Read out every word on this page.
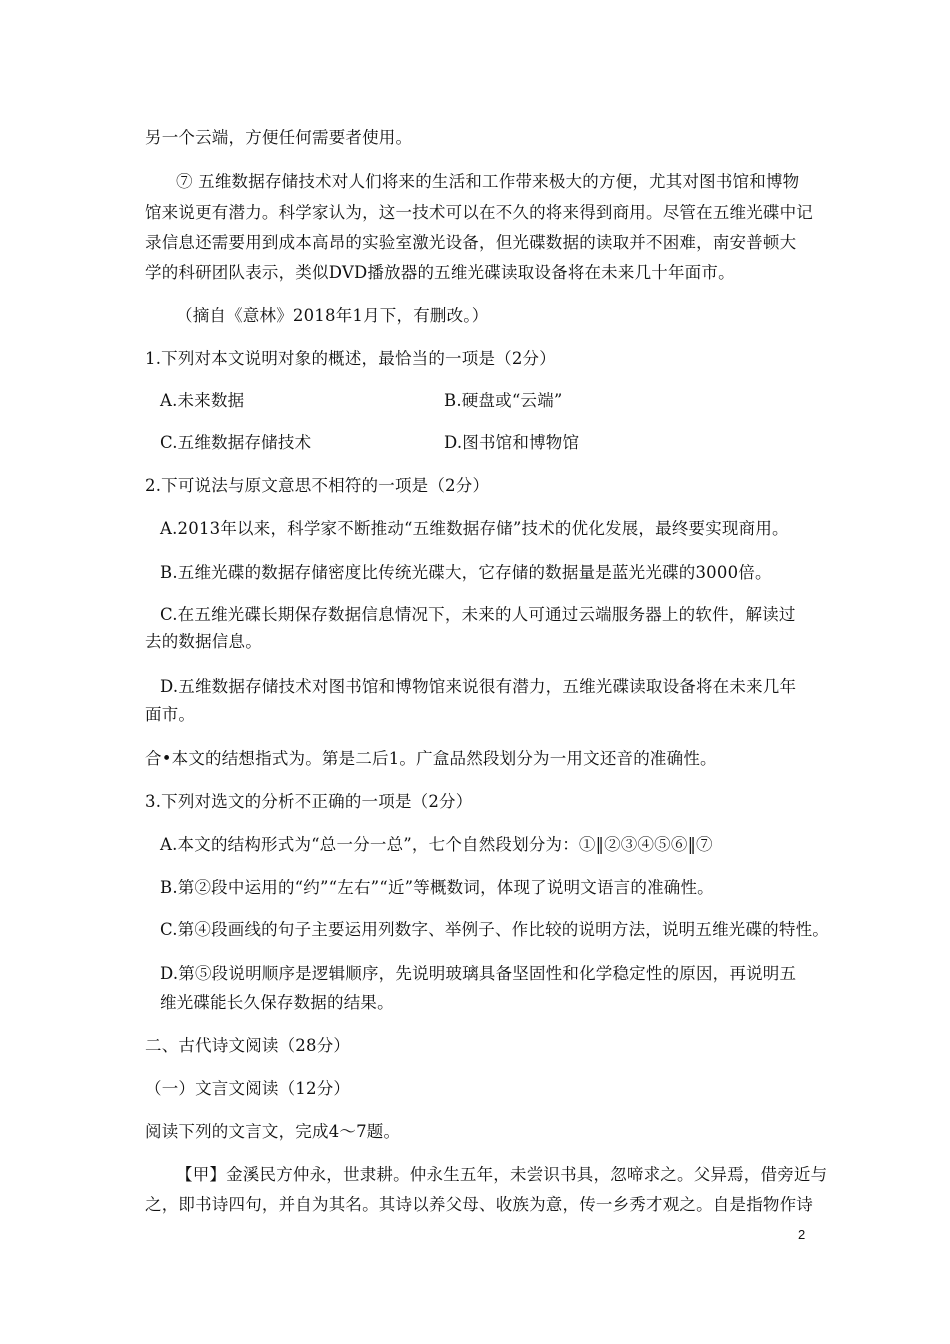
另一个云端，方便任何需要者使用。
⑦ 五维数据存储技术对人们将来的生活和工作带来极大的方便，尤其对图书馆和博物
馆来说更有潜力。科学家认为，这一技术可以在不久的将来得到商用。尽管在五维光碟中记
录信息还需要用到成本高昂的实验室激光设备，但光碟数据的读取并不困难，南安普顿大
学的科研团队表示，类似DVD播放器的五维光碟读取设备将在未来几十年面市。
（摘自《意林》2018年1月下，有删改。）
1.下列对本文说明对象的概述，最恰当的一项是（2分）
A.未来数据	B.硬盘或“云端”
C.五维数据存储技术	D.图书馆和博物馆
2.下可说法与原文意思不相符的一项是（2分）
A.2013年以来，科学家不断推动“五维数据存储”技术的优化发展，最终要实现商用。
B.五维光碟的数据存储密度比传统光碟大，它存储的数据量是蓝光光碟的3000倍。
C.在五维光碟长期保存数据信息情况下，未来的人可通过云端服务器上的软件，解读过
去的数据信息。
D.五维数据存储技术对图书馆和博物馆来说很有潜力，五维光碟读取设备将在未来几年
面市。
合•本文的结想指式为。第是二后1。广盒品然段划分为一用文还音的准确性。
3.下列对选文的分析不正确的一项是（2分）
A.本文的结构形式为“总一分一总”，七个自然段划分为：①‖②③④⑤⑥‖⑦
B.第②段中运用的“约”“左右”“近”等概数词，体现了说明文语言的准确性。
C.第④段画线的句子主要运用列数字、举例子、作比较的说明方法，说明五维光碟的特性。
D.第⑤段说明顺序是逻辑顺序，先说明玻璃具备坚固性和化学稳定性的原因，再说明五
维光碟能长久保存数据的结果。
二、古代诗文阅读（28分）
（一）文言文阅读（12分）
阅读下列的文言文，完成4～7题。
【甲】金溪民方仲永，世隶耕。仲永生五年，未尝识书具，忽啼求之。父异焉，借旁近与
之，即书诗四句，并自为其名。其诗以养父母、收族为意，传一乡秀才观之。自是指物作诗
2
